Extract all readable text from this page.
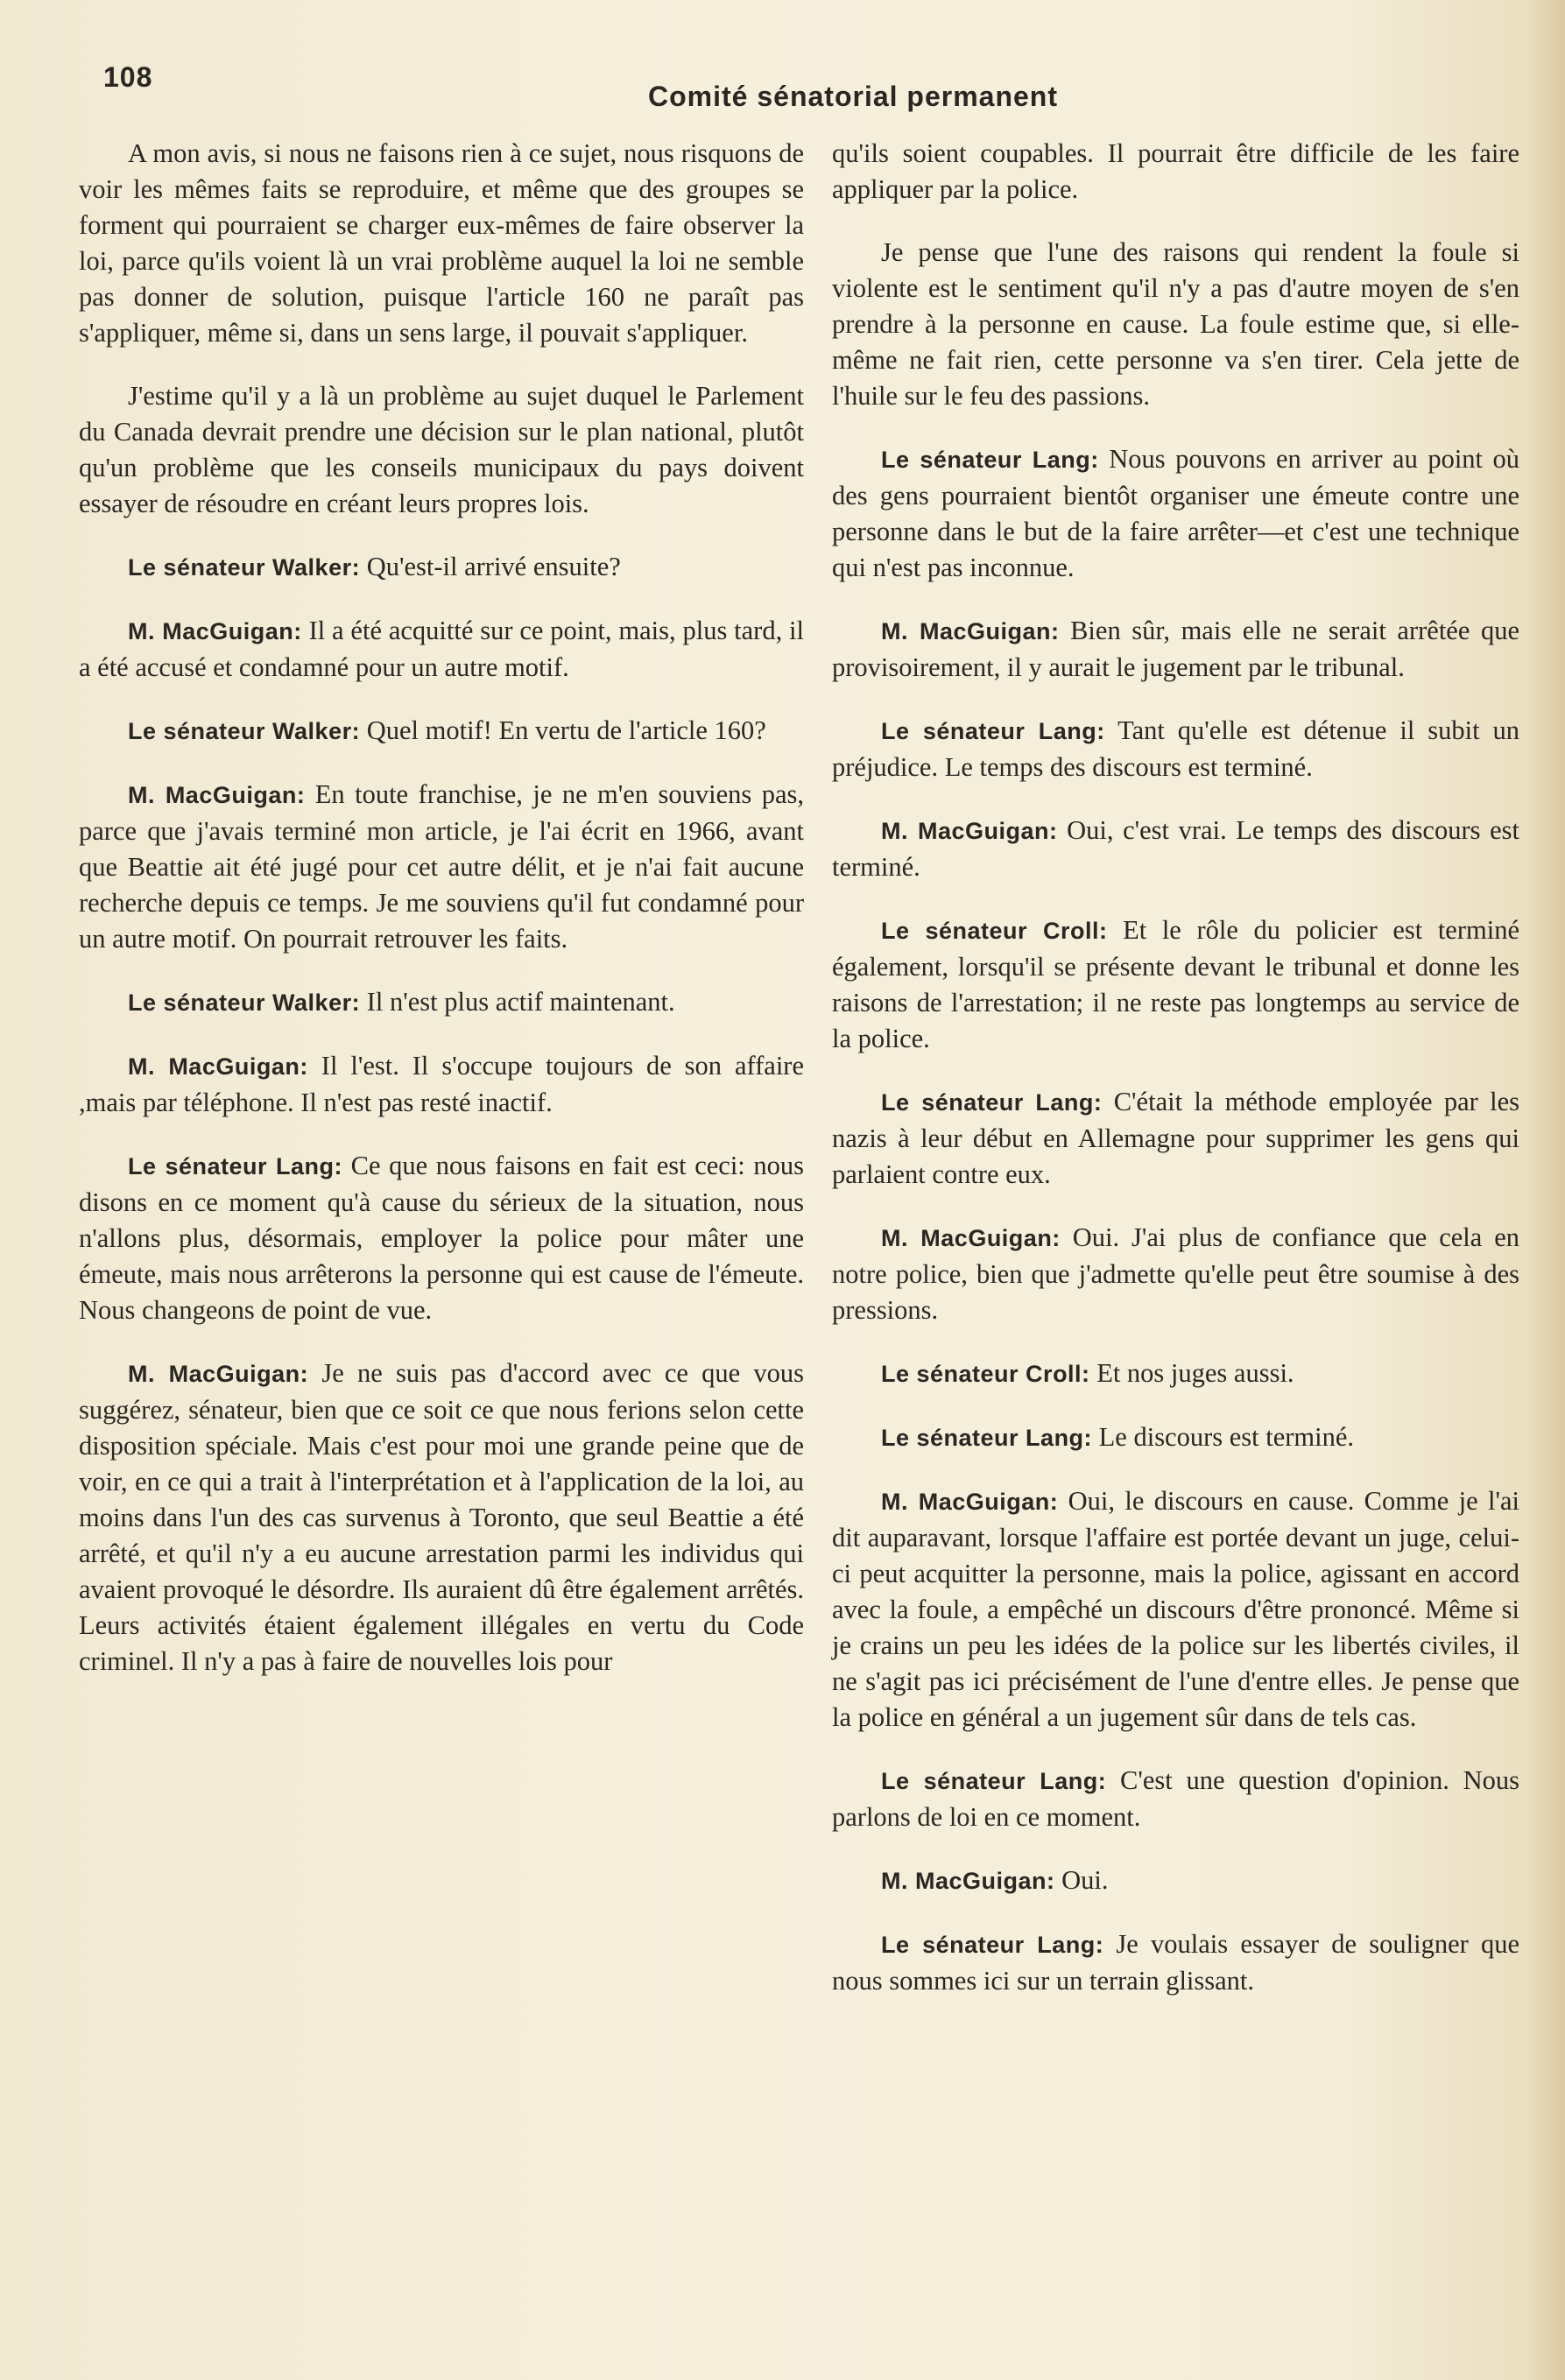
108
Comité sénatorial permanent

A mon avis, si nous ne faisons rien à ce sujet, nous risquons de voir les mêmes faits se reproduire, et même que des groupes se forment qui pourraient se charger eux-mêmes de faire observer la loi, parce qu'ils voient là un vrai problème auquel la loi ne semble pas donner de solution, puisque l'article 160 ne paraît pas s'appliquer, même si, dans un sens large, il pouvait s'appliquer.

J'estime qu'il y a là un problème au sujet duquel le Parlement du Canada devrait prendre une décision sur le plan national, plutôt qu'un problème que les conseils municipaux du pays doivent essayer de résoudre en créant leurs propres lois.

Le sénateur Walker: Qu'est-il arrivé ensuite?

M. MacGuigan: Il a été acquitté sur ce point, mais, plus tard, il a été accusé et condamné pour un autre motif.

Le sénateur Walker: Quel motif! En vertu de l'article 160?

M. MacGuigan: En toute franchise, je ne m'en souviens pas, parce que j'avais terminé mon article, je l'ai écrit en 1966, avant que Beattie ait été jugé pour cet autre délit, et je n'ai fait aucune recherche depuis ce temps. Je me souviens qu'il fut condamné pour un autre motif. On pourrait retrouver les faits.

Le sénateur Walker: Il n'est plus actif maintenant.

M. MacGuigan: Il l'est. Il s'occupe toujours de son affaire ,mais par téléphone. Il n'est pas resté inactif.

Le sénateur Lang: Ce que nous faisons en fait est ceci: nous disons en ce moment qu'à cause du sérieux de la situation, nous n'allons plus, désormais, employer la police pour mâter une émeute, mais nous arrêterons la personne qui est cause de l'émeute. Nous changeons de point de vue.

M. MacGuigan: Je ne suis pas d'accord avec ce que vous suggérez, sénateur, bien que ce soit ce que nous ferions selon cette disposition spéciale. Mais c'est pour moi une grande peine que de voir, en ce qui a trait à l'interprétation et à l'application de la loi, au moins dans l'un des cas survenus à Toronto, que seul Beattie a été arrêté, et qu'il n'y a eu aucune arrestation parmi les individus qui avaient provoqué le désordre. Ils auraient dû être également arrêtés. Leurs activités étaient également illégales en vertu du Code criminel. Il n'y a pas à faire de nouvelles lois pour

qu'ils soient coupables. Il pourrait être difficile de les faire appliquer par la police.

Je pense que l'une des raisons qui rendent la foule si violente est le sentiment qu'il n'y a pas d'autre moyen de s'en prendre à la personne en cause. La foule estime que, si elle-même ne fait rien, cette personne va s'en tirer. Cela jette de l'huile sur le feu des passions.

Le sénateur Lang: Nous pouvons en arriver au point où des gens pourraient bientôt organiser une émeute contre une personne dans le but de la faire arrêter—et c'est une technique qui n'est pas inconnue.

M. MacGuigan: Bien sûr, mais elle ne serait arrêtée que provisoirement, il y aurait le jugement par le tribunal.

Le sénateur Lang: Tant qu'elle est détenue il subit un préjudice. Le temps des discours est terminé.

M. MacGuigan: Oui, c'est vrai. Le temps des discours est terminé.

Le sénateur Croll: Et le rôle du policier est terminé également, lorsqu'il se présente devant le tribunal et donne les raisons de l'arrestation; il ne reste pas longtemps au service de la police.

Le sénateur Lang: C'était la méthode employée par les nazis à leur début en Allemagne pour supprimer les gens qui parlaient contre eux.

M. MacGuigan: Oui. J'ai plus de confiance que cela en notre police, bien que j'admette qu'elle peut être soumise à des pressions.

Le sénateur Croll: Et nos juges aussi.

Le sénateur Lang: Le discours est terminé.

M. MacGuigan: Oui, le discours en cause. Comme je l'ai dit auparavant, lorsque l'affaire est portée devant un juge, celui-ci peut acquitter la personne, mais la police, agissant en accord avec la foule, a empêché un discours d'être prononcé. Même si je crains un peu les idées de la police sur les libertés civiles, il ne s'agit pas ici précisément de l'une d'entre elles. Je pense que la police en général a un jugement sûr dans de tels cas.

Le sénateur Lang: C'est une question d'opinion. Nous parlons de loi en ce moment.

M. MacGuigan: Oui.

Le sénateur Lang: Je voulais essayer de souligner que nous sommes ici sur un terrain glissant.
